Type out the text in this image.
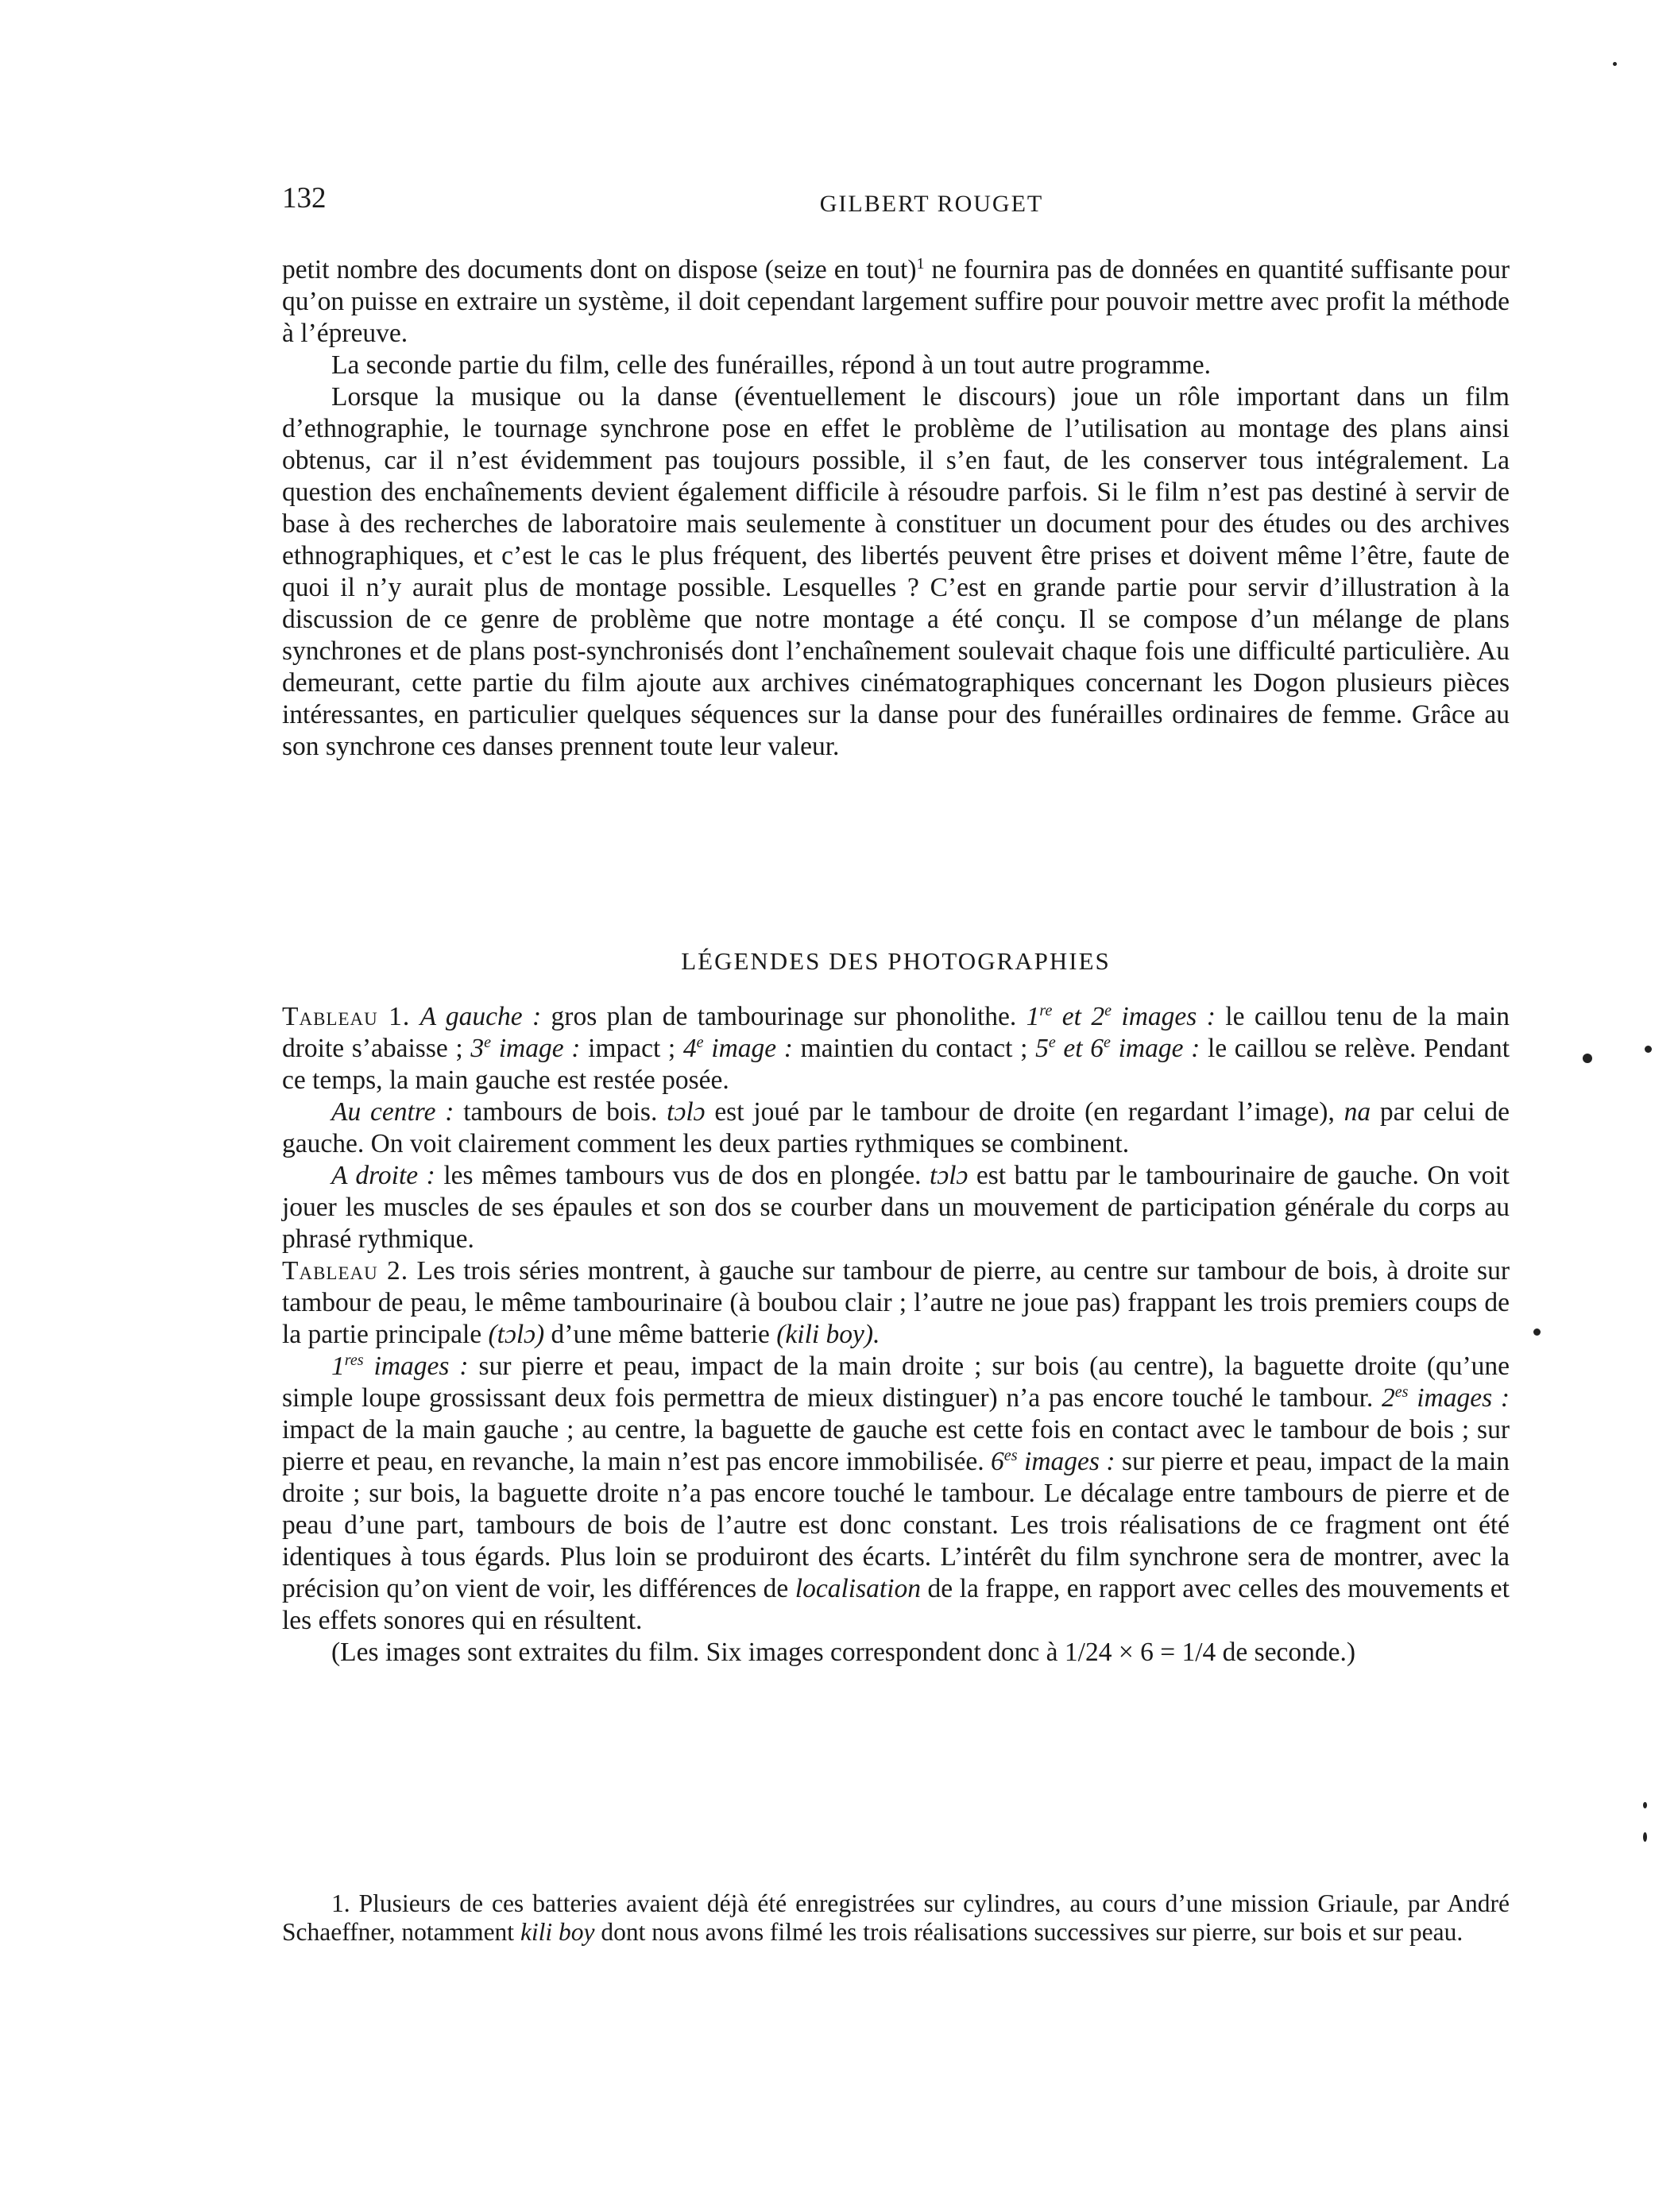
132	GILBERT ROUGET

petit nombre des documents dont on dispose (seize en tout)$^1$ ne fournira pas de données en quantité suffisante pour qu’on puisse en extraire un système, il doit cependant largement suffire pour pouvoir mettre avec profit la méthode à l’épreuve.

La seconde partie du film, celle des funérailles, répond à un tout autre programme.

Lorsque la musique ou la danse (éventuellement le discours) joue un rôle important dans un film d’ethnographie, le tournage synchrone pose en effet le problème de l’utilisation au montage des plans ainsi obtenus, car il n’est évidemment pas toujours possible, il s’en faut, de les conserver tous intégralement. La question des enchaînements devient également difficile à résoudre parfois. Si le film n’est pas destiné à servir de base à des recherches de laboratoire mais seulemente à constituer un document pour des études ou des archives ethnographiques, et c’est le cas le plus fréquent, des libertés peuvent être prises et doivent même l’être, faute de quoi il n’y aurait plus de montage possible. Lesquelles ? C’est en grande partie pour servir d’illustration à la discussion de ce genre de problème que notre montage a été conçu. Il se compose d’un mélange de plans synchrones et de plans post-synchronisés dont l’enchaînement soulevait chaque fois une difficulté particulière. Au demeurant, cette partie du film ajoute aux archives cinématographiques concernant les Dogon plusieurs pièces intéressantes, en particulier quelques séquences sur la danse pour des funérailles ordinaires de femme. Grâce au son synchrone ces danses prennent toute leur valeur.

LÉGENDES DES PHOTOGRAPHIES

Tableau 1. A gauche : gros plan de tambourinage sur phonolithe. 1re et 2e images : le caillou tenu de la main droite s’abaisse ; 3e image : impact ; 4e image : maintien du contact ; 5e et 6e image : le caillou se relève. Pendant ce temps, la main gauche est restée posée.

Au centre : tambours de bois. tɔlɔ est joué par le tambour de droite (en regardant l’image), na par celui de gauche. On voit clairement comment les deux parties rythmiques se combinent.

A droite : les mêmes tambours vus de dos en plongée. tɔlɔ est battu par le tambourinaire de gauche. On voit jouer les muscles de ses épaules et son dos se courber dans un mouvement de participation générale du corps au phrasé rythmique.

Tableau 2. Les trois séries montrent, à gauche sur tambour de pierre, au centre sur tambour de bois, à droite sur tambour de peau, le même tambourinaire (à boubou clair ; l’autre ne joue pas) frappant les trois premiers coups de la partie principale (tɔlɔ) d’une même batterie (kili boy).

1res images : sur pierre et peau, impact de la main droite ; sur bois (au centre), la baguette droite (qu’une simple loupe grossissant deux fois permettra de mieux distinguer) n’a pas encore touché le tambour. $2^{es}$ images : impact de la main gauche ; au centre, la baguette de gauche est cette fois en contact avec le tambour de bois ; sur pierre et peau, en revanche, la main n’est pas encore immobilisée. $6^{es}$ images : sur pierre et peau, impact de la main droite ; sur bois, la baguette droite n’a pas encore touché le tambour. Le décalage entre tambours de pierre et de peau d’une part, tambours de bois de l’autre est donc constant. Les trois réalisations de ce fragment ont été identiques à tous égards. Plus loin se produiront des écarts. L’intérêt du film synchrone sera de montrer, avec la précision qu’on vient de voir, les différences de localisation de la frappe, en rapport avec celles des mouvements et les effets sonores qui en résultent.

(Les images sont extraites du film. Six images correspondent donc à 1/24 × 6 = 1/4 de seconde.)

1. Plusieurs de ces batteries avaient déjà été enregistrées sur cylindres, au cours d’une mission Griaule, par André Schaeffner, notamment kili boy dont nous avons filmé les trois réalisations successives sur pierre, sur bois et sur peau.
